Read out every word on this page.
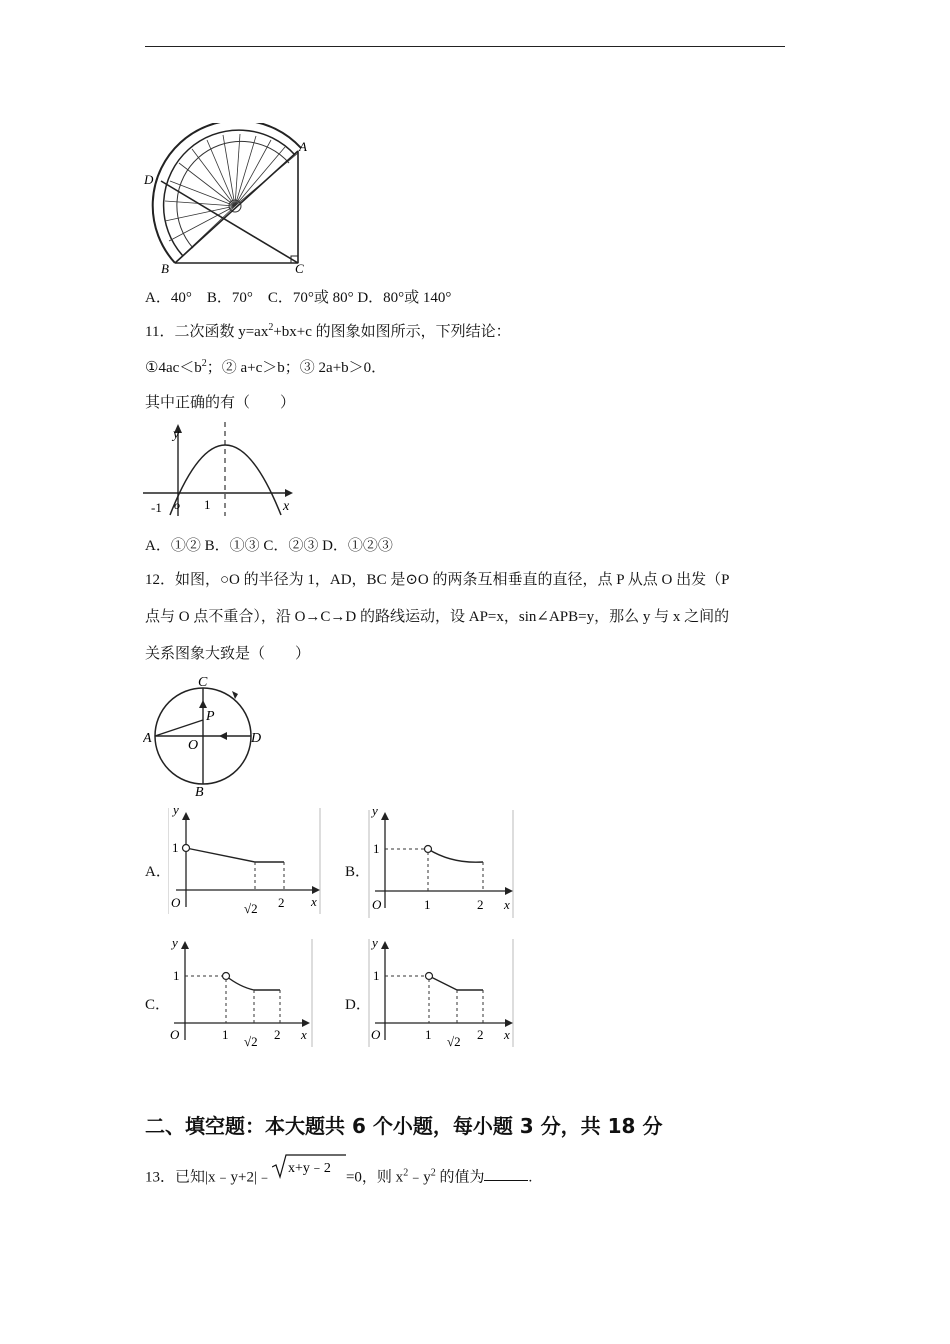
A
B	C
D
A．40°　B．70°　C．70°或 80° D．80°或 140°
11．二次函数 $y=ax^2+bx+c$ 的图象如图所示，下列结论：
$①4ac<b^2$；② a+c＞b；③ 2a+b＞0．
其中正确的有（　　）
y
x
o
-1	1
A．①② B．①③ C．②③ D．①②③
12．如图，○O 的半径为 1，AD，BC 是⊙O 的两条互相垂直的直径，点 P 从点 O 出发（P
点与 O 点不重合），沿 O→C→D 的路线运动，设 AP=x，sin∠APB=y，那么 y 与 x 之间的
关系图象大致是（　　）
C
B
A	D
O
P
A．
y
x
O
1
√2 2
B．
y
x
O
1
1	2
C．
y
x
O
1
1 √2 2
D．
y
x
O
1
1 √2 2
二、填空题：本大题共 6 个小题，每小题 3 分，共 18 分
13．已知|x﹣y+2|﹣
x+y﹣2
=0，则 $x^2﹣y^2$ 的值为	.
